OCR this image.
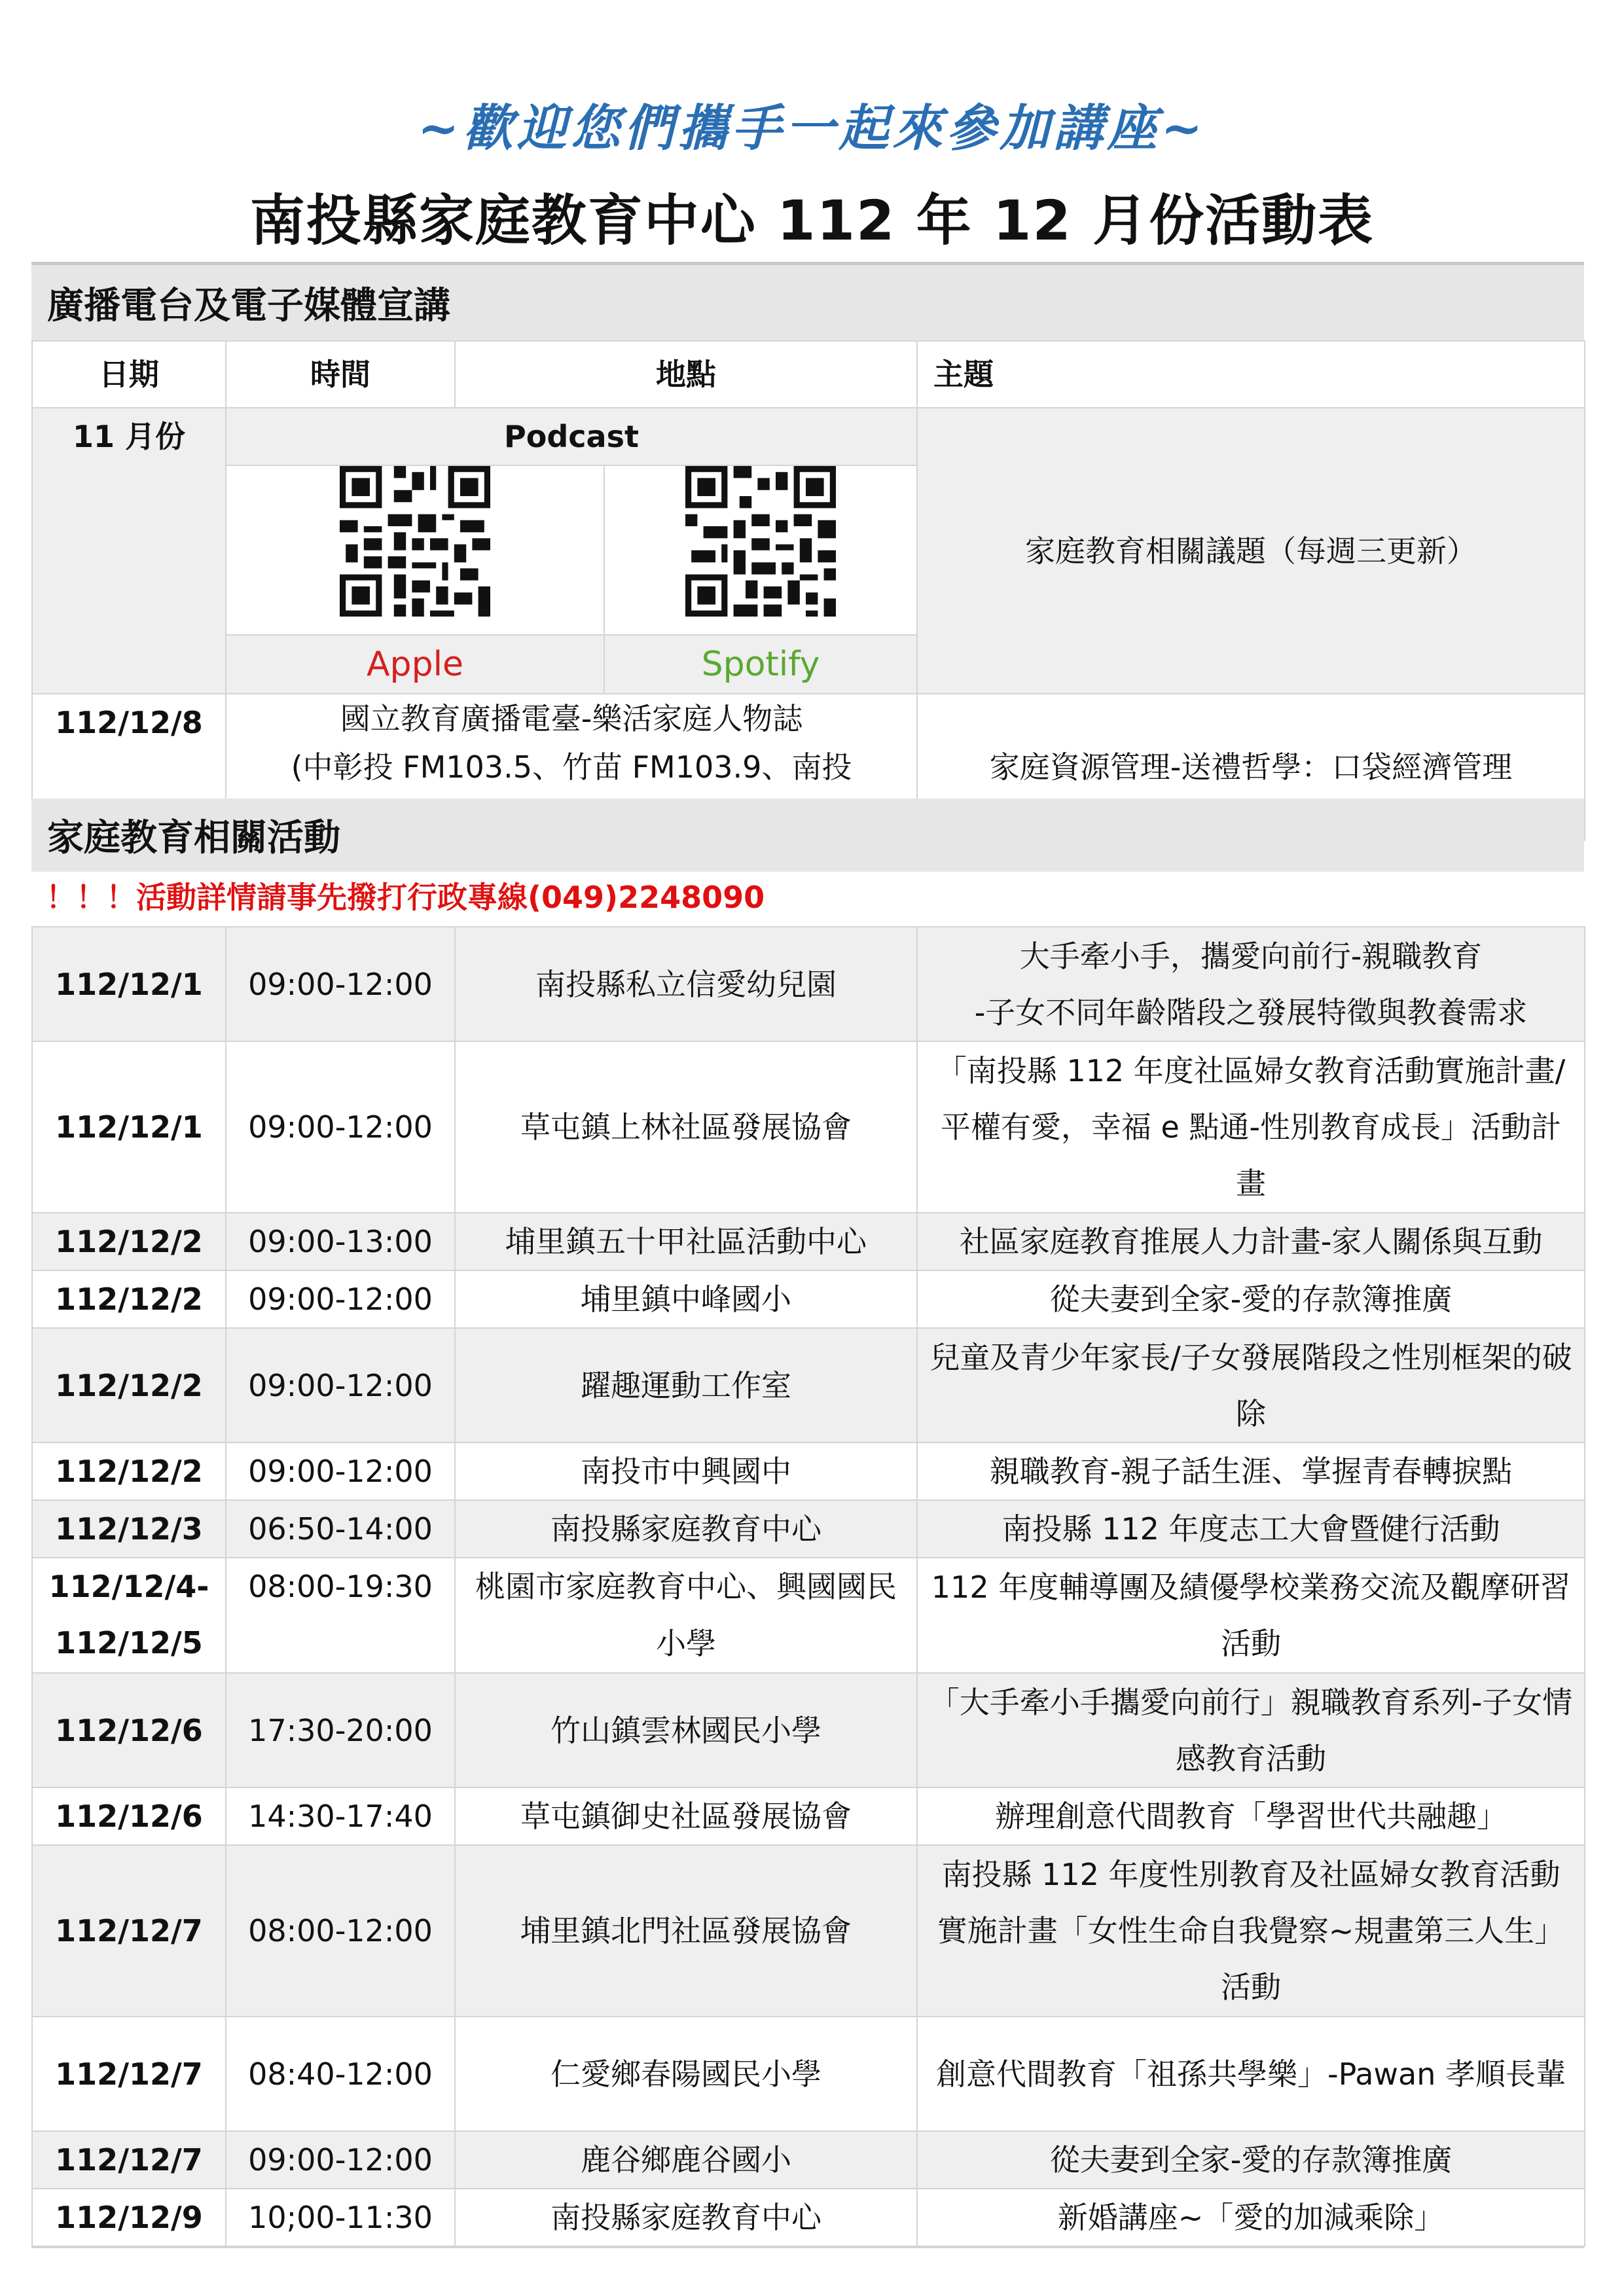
~歡迎您們攜手一起來參加講座~
南投縣家庭教育中心 112 年 12 月份活動表
廣播電台及電子媒體宣講
日期	時間	地點		主題
11 月份	Podcast			家庭教育相關議題（每週三更新）

	Apple		Spotify	
112/12/8	國立教育廣播電臺-樂活家庭人物誌
(中彰投 FM103.5、竹苗 FM103.9、南投			家庭資源管理-送禮哲學：口袋經濟管理
家庭教育相關活動
！！！活動詳情請事先撥打行政專線(049)2248090
112/12/1	09:00-12:00	南投縣私立信愛幼兒園	大手牽小手，攜愛向前行-親職教育
-子女不同年齡階段之發展特徵與教養需求
112/12/1	09:00-12:00	草屯鎮上林社區發展協會	「南投縣 112 年度社區婦女教育活動實施計畫/平權有愛，幸福 e 點通-性別教育成長」活動計畫
112/12/2	09:00-13:00	埔里鎮五十甲社區活動中心	社區家庭教育推展人力計畫-家人關係與互動
112/12/2	09:00-12:00	埔里鎮中峰國小	從夫妻到全家-愛的存款簿推廣
112/12/2	09:00-12:00	躍趣運動工作室	兒童及青少年家長/子女發展階段之性別框架的破除
112/12/2	09:00-12:00	南投市中興國中	親職教育-親子話生涯、掌握青春轉捩點
112/12/3	06:50-14:00	南投縣家庭教育中心	南投縣 112 年度志工大會暨健行活動
112/12/4-
112/12/5	08:00-19:30	桃園市家庭教育中心、興國國民小學	112 年度輔導團及績優學校業務交流及觀摩研習活動
112/12/6	17:30-20:00	竹山鎮雲林國民小學	「大手牽小手攜愛向前行」親職教育系列-子女情感教育活動
112/12/6	14:30-17:40	草屯鎮御史社區發展協會	辦理創意代間教育「學習世代共融趣」
112/12/7	08:00-12:00	埔里鎮北門社區發展協會	南投縣 112 年度性別教育及社區婦女教育活動實施計畫「女性生命自我覺察~規畫第三人生」活動
112/12/7	08:40-12:00	仁愛鄉春陽國民小學	創意代間教育「祖孫共學樂」-Pawan 孝順長輩
112/12/7	09:00-12:00	鹿谷鄉鹿谷國小	從夫妻到全家-愛的存款簿推廣
112/12/9	10;00-11:30	南投縣家庭教育中心	新婚講座~「愛的加減乘除」
